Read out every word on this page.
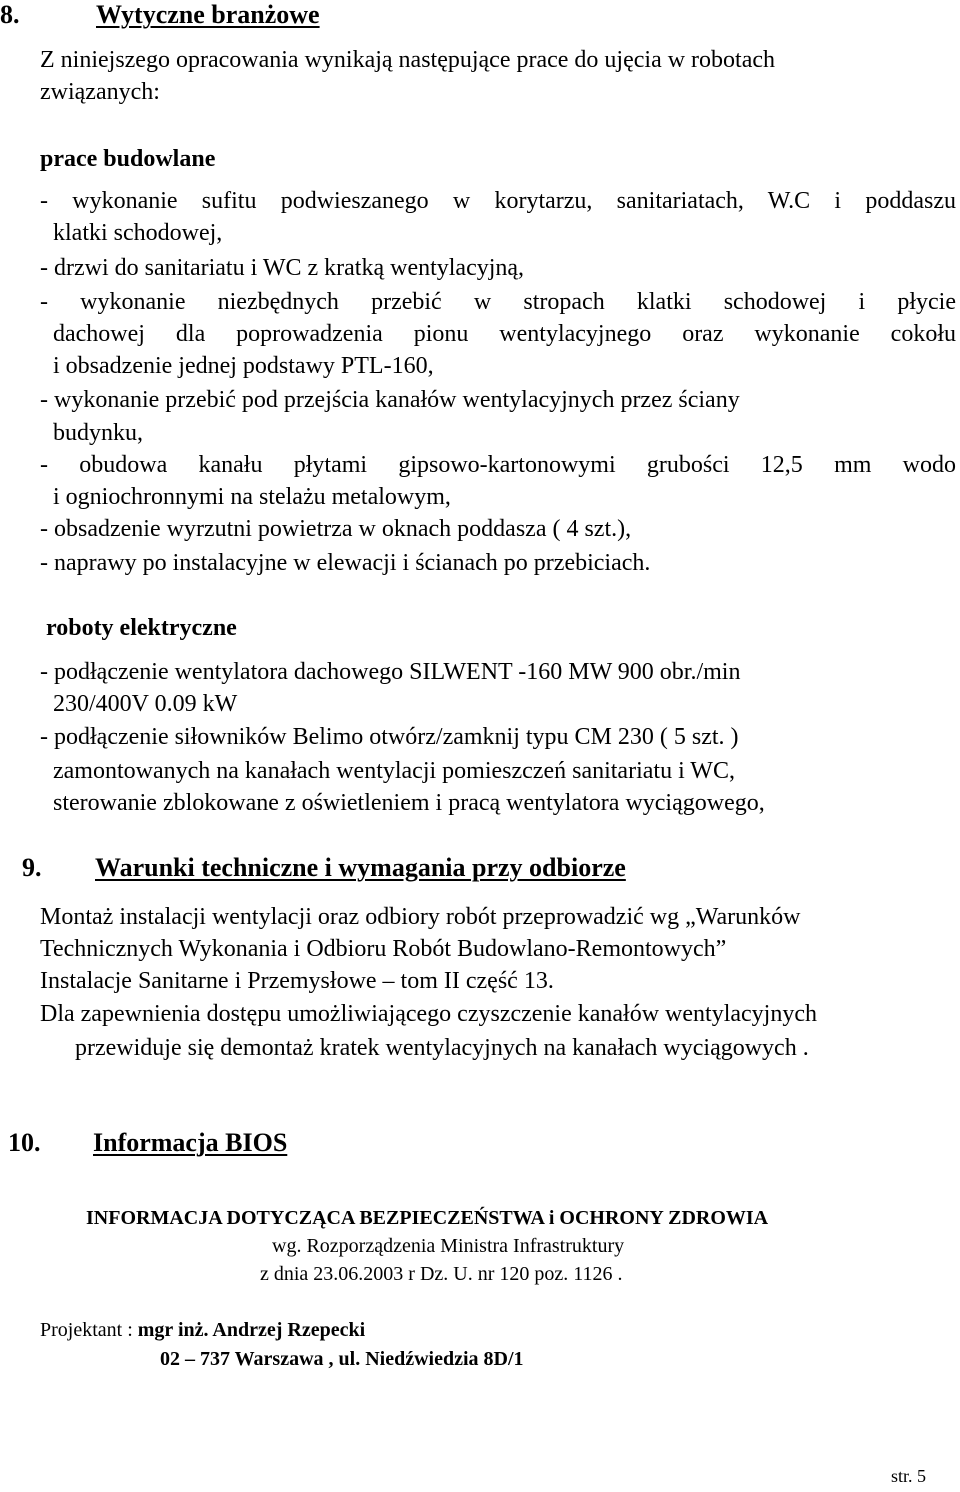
8.	Wytyczne branżowe
Z niniejszego opracowania wynikają następujące prace do ujęcia w robotach
związanych:
prace budowlane
- wykonanie sufitu podwieszanego w korytarzu, sanitariatach, W.C i poddaszu
klatki schodowej,
- drzwi do sanitariatu i WC z kratką wentylacyjną,
- wykonanie niezbędnych przebić w stropach klatki schodowej i płycie
dachowej dla poprowadzenia pionu wentylacyjnego oraz wykonanie cokołu
i obsadzenie jednej podstawy PTL-160,
- wykonanie przebić pod przejścia kanałów wentylacyjnych przez ściany
budynku,
- obudowa kanału płytami gipsowo-kartonowymi grubości 12,5 mm wodo
i ogniochronnymi na stelażu metalowym,
- obsadzenie wyrzutni powietrza w oknach poddasza ( 4 szt.),
- naprawy po instalacyjne w elewacji i ścianach po przebiciach.
roboty elektryczne
- podłączenie wentylatora dachowego SILWENT -160 MW 900 obr./min
230/400V 0.09 kW
- podłączenie siłowników Belimo otwórz/zamknij typu CM 230 ( 5 szt. )
zamontowanych na kanałach wentylacji pomieszczeń sanitariatu i WC,
sterowanie zblokowane z oświetleniem i pracą wentylatora wyciągowego,
9. Warunki techniczne i wymagania przy odbiorze
Montaż instalacji wentylacji oraz odbiory robót przeprowadzić wg „Warunków
Technicznych Wykonania i Odbioru Robót Budowlano-Remontowych”
Instalacje Sanitarne i Przemysłowe – tom II część 13.
Dla zapewnienia dostępu umożliwiającego czyszczenie kanałów wentylacyjnych
przewiduje się demontaż kratek wentylacyjnych na kanałach wyciągowych .
10. Informacja BIOS
INFORMACJA DOTYCZĄCA BEZPIECZEŃSTWA i OCHRONY ZDROWIA
wg. Rozporządzenia Ministra Infrastruktury
z dnia 23.06.2003 r Dz. U. nr 120 poz. 1126 .
Projektant : mgr inż. Andrzej Rzepecki
02 – 737 Warszawa , ul. Niedźwiedzia 8D/1
str. 5
